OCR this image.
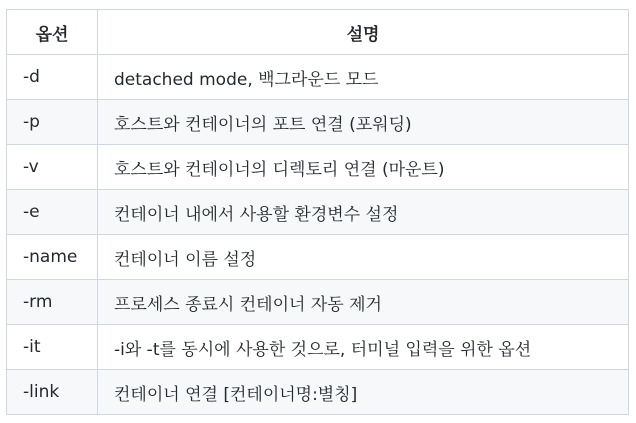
옵션	설명
-d	detached mode, 백그라운드 모드
-p	호스트와 컨테이너의 포트 연결 (포워딩)
-v	호스트와 컨테이너의 디렉토리 연결 (마운트)
-e	컨테이너 내에서 사용할 환경변수 설정
-name	컨테이너 이름 설정
-rm	프로세스 종료시 컨테이너 자동 제거
-it	-i와 -t를 동시에 사용한 것으로, 터미널 입력을 위한 옵션
-link	컨테이너 연결 [컨테이너명:별칭]
